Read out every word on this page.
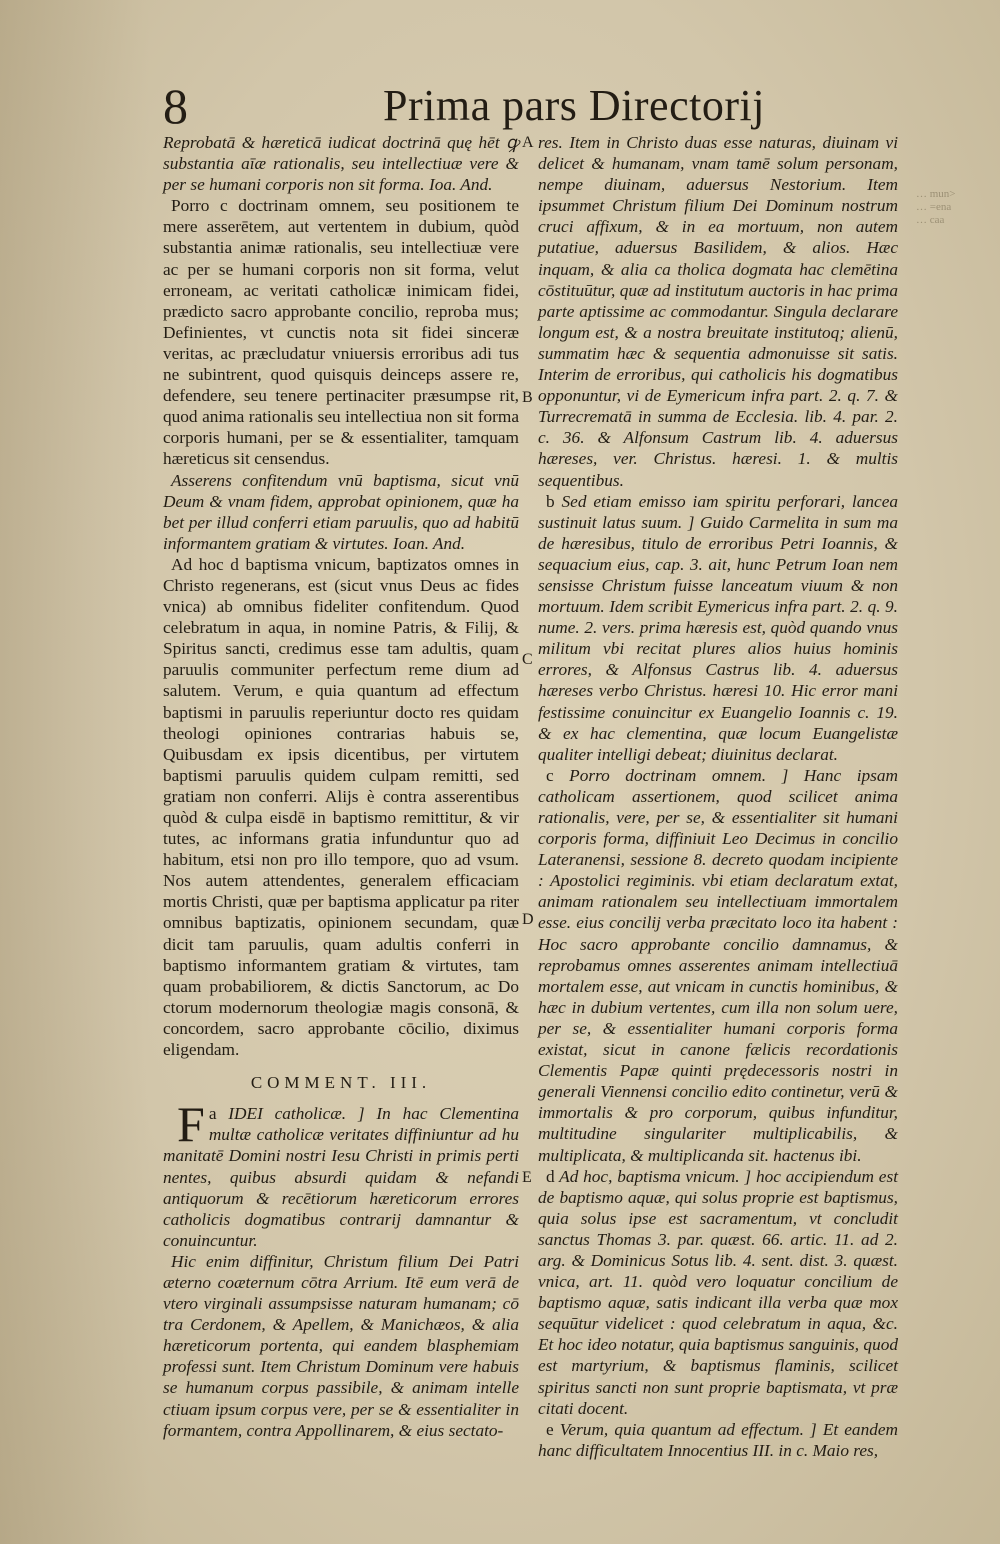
8	Prima pars Directorij

Reprobatā & hæreticā iudicat doctrinā quę hēt ꝙ substantia aīæ rationalis, seu intellectiuæ vere & per se humani corporis non sit forma. Ioa. And.

Porro c doctrinam omnem, seu positionem te mere asserētem, aut vertentem in dubium, quòd substantia animæ rationalis, seu intellectiuæ vere ac per se humani corporis non sit forma, velut erroneam, ac veritati catholicæ inimicam fidei, prædicto sacro approbante concilio, reproba mus; Definientes, vt cunctis nota sit fidei sinceræ veritas, ac præcludatur vniuersis erroribus adi tus ne subintrent, quod quisquis deinceps assere re, defendere, seu tenere pertinaciter præsumpse rit, quod anima rationalis seu intellectiua non sit forma corporis humani, per se & essentialiter, tamquam hæreticus sit censendus.

Asserens confitendum vnū baptisma, sicut vnū Deum & vnam fidem, approbat opinionem, quæ ha bet per illud conferri etiam paruulis, quo ad habitū informantem gratiam & virtutes. Ioan. And.

Ad hoc d baptisma vnicum, baptizatos omnes in Christo regenerans, est (sicut vnus Deus ac fides vnica) ab omnibus fideliter confitendum. Quod celebratum in aqua, in nomine Patris, & Filij, & Spiritus sancti, credimus esse tam adultis, quam paruulis communiter perfectum reme dium ad salutem. Verum, e quia quantum ad effectum baptismi in paruulis reperiuntur docto res quidam theologi opiniones contrarias habuis se, Quibusdam ex ipsis dicentibus, per virtutem baptismi paruulis quidem culpam remitti, sed gratiam non conferri. Alijs è contra asserentibus quòd & culpa eisdē in baptismo remittitur, & vir tutes, ac informans gratia infunduntur quo ad habitum, etsi non pro illo tempore, quo ad vsum. Nos autem attendentes, generalem efficaciam mortis Christi, quæ per baptisma applicatur pa riter omnibus baptizatis, opinionem secundam, quæ dicit tam paruulis, quam adultis conferri in baptismo informantem gratiam & virtutes, tam quam probabiliorem, & dictis Sanctorum, ac Do ctorum modernorum theologiæ magis consonā, & concordem, sacro approbante cōcilio, diximus eligendam.

COMMENT. III.

a
F IDEI catholicæ. ] In hac Clementina multæ catholicæ veritates diffiniuntur ad hu manitatē Domini nostri Iesu Christi in primis perti nentes, quibus absurdi quidam & nefandi antiquorum & recētiorum hæreticorum errores catholicis dogmatibus contrarij damnantur & conuincuntur.

Hic enim diffinitur, Christum filium Dei Patri æterno coæternum cōtra Arrium. Itē eum verā de vtero virginali assumpsisse naturam humanam; cō tra Cerdonem, & Apellem, & Manichæos, & alia hæreticorum portenta, qui eandem blasphemiam professi sunt. Item Christum Dominum vere habuis se humanum corpus passibile, & animam intelle ctiuam ipsum corpus vere, per se & essentialiter in formantem, contra Appollinarem, & eius sectato-

A
B
C
D
E

res. Item in Christo duas esse naturas, diuinam vi delicet & humanam, vnam tamē solum personam, nempe diuinam, aduersus Nestorium. Item ipsummet Christum filium Dei Dominum nostrum cruci affixum, & in ea mortuum, non autem putatiue, aduersus Basilidem, & alios. Hæc inquam, & alia ca tholica dogmata hac clemētina cōstituūtur, quæ ad institutum auctoris in hac prima parte aptissime ac commodantur. Singula declarare longum est, & a nostra breuitate institutoq; alienū, summatim hæc & sequentia admonuisse sit satis. Interim de erroribus, qui catholicis his dogmatibus opponuntur, vi de Eymericum infra part. 2. q. 7. & Turrecrematā in summa de Ecclesia. lib. 4. par. 2. c. 36. & Alfonsum Castrum lib. 4. aduersus hæreses, ver. Christus. hæresi. 1. & multis sequentibus.

b Sed etiam emisso iam spiritu perforari, lancea sustinuit latus suum. ] Guido Carmelita in sum ma de hæresibus, titulo de erroribus Petri Ioannis, & sequacium eius, cap. 3. ait, hunc Petrum Ioan nem sensisse Christum fuisse lanceatum viuum & non mortuum. Idem scribit Eymericus infra part. 2. q. 9. nume. 2. vers. prima hæresis est, quòd quando vnus militum vbi recitat plures alios huius hominis errores, & Alfonsus Castrus lib. 4. aduersus hæreses verbo Christus. hæresi 10. Hic error mani festissime conuincitur ex Euangelio Ioannis c. 19. & ex hac clementina, quæ locum Euangelistæ qualiter intelligi debeat; diuinitus declarat.

c Porro doctrinam omnem. ] Hanc ipsam catholicam assertionem, quod scilicet anima rationalis, vere, per se, & essentialiter sit humani corporis forma, diffiniuit Leo Decimus in concilio Lateranensi, sessione 8. decreto quodam incipiente : Apostolici regiminis. vbi etiam declaratum extat, animam rationalem seu intellectiuam immortalem esse. eius concilij verba præcitato loco ita habent : Hoc sacro approbante concilio damnamus, & reprobamus omnes asserentes animam intellectiuā mortalem esse, aut vnicam in cunctis hominibus, & hæc in dubium vertentes, cum illa non solum uere, per se, & essentialiter humani corporis forma existat, sicut in canone fælicis recordationis Clementis Papæ quinti prędecessoris nostri in generali Viennensi concilio edito continetur, verū & immortalis & pro corporum, quibus infunditur, multitudine singulariter multiplicabilis, & multiplicata, & multiplicanda sit. hactenus ibi.

d Ad hoc, baptisma vnicum. ] hoc accipiendum est de baptismo aquæ, qui solus proprie est baptismus, quia solus ipse est sacramentum, vt concludit sanctus Thomas 3. par. quæst. 66. artic. 11. ad 2. arg. & Dominicus Sotus lib. 4. sent. dist. 3. quæst. vnica, art. 11. quòd vero loquatur concilium de baptismo aquæ, satis indicant illa verba quæ mox sequūtur videlicet : quod celebratum in aqua, &c. Et hoc ideo notatur, quia baptismus sanguinis, quod est martyrium, & baptismus flaminis, scilicet spiritus sancti non sunt proprie baptismata, vt præ citati docent.

e Verum, quia quantum ad effectum. ] Et eandem hanc difficultatem Innocentius III. in c. Maio res,

… mun>
… =ena
… caa
